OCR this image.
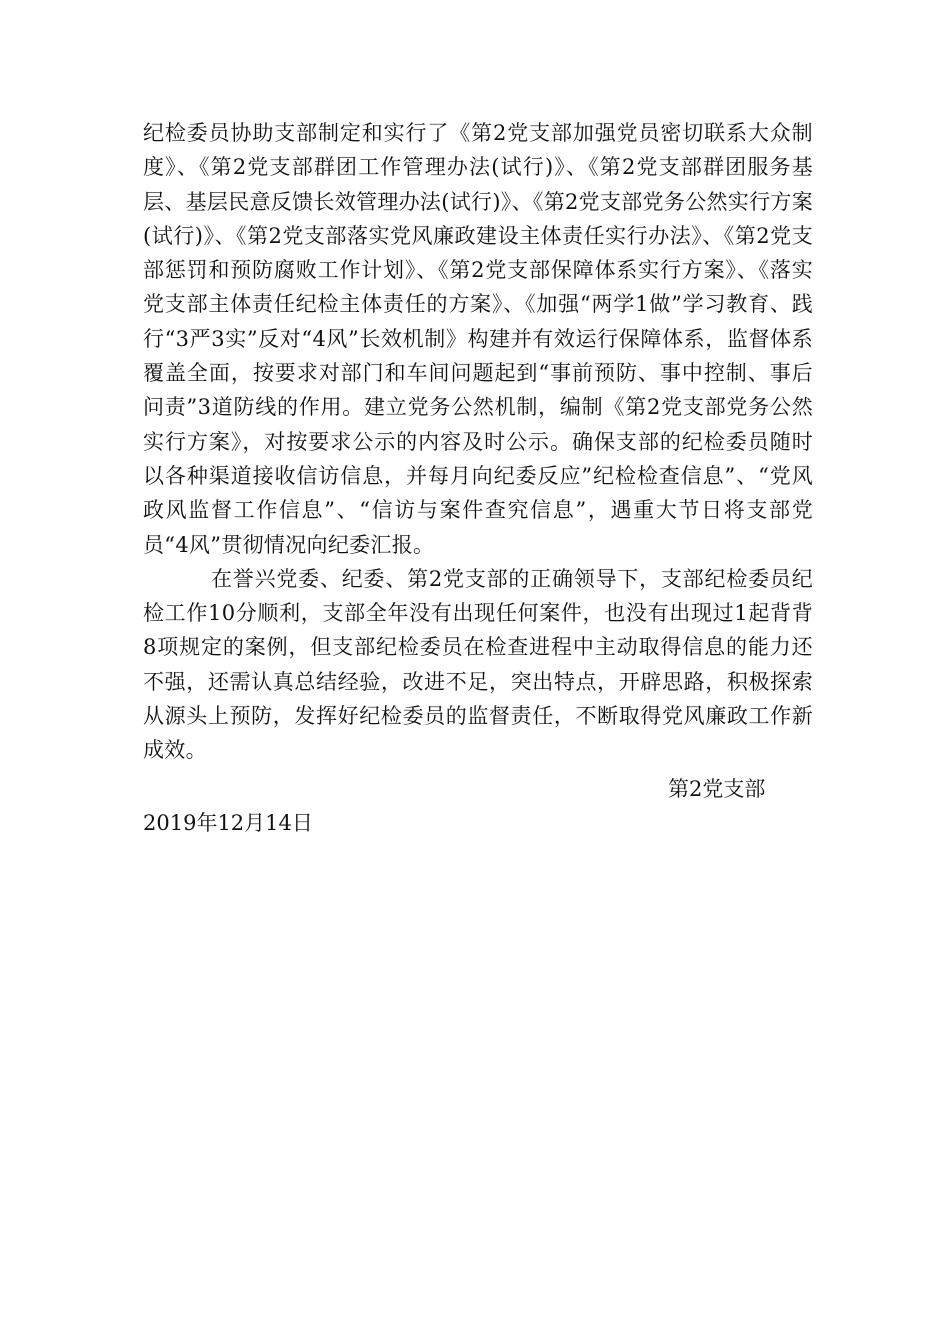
纪检委员协助支部制定和实行了《第2党支部加强党员密切联系大众制度》、《第2党支部群团工作管理办法(试行)》、《第2党支部群团服务基层、基层民意反馈长效管理办法(试行)》、《第2党支部党务公然实行方案(试行)》、《第2党支部落实党风廉政建设主体责任实行办法》、《第2党支部惩罚和预防腐败工作计划》、《第2党支部保障体系实行方案》、《落实党支部主体责任纪检主体责任的方案》、《加强“两学1做”学习教育、践行“3严3实”反对“4风”长效机制》构建并有效运行保障体系，监督体系覆盖全面，按要求对部门和车间问题起到“事前预防、事中控制、事后问责”3道防线的作用。建立党务公然机制，编制《第2党支部党务公然实行方案》，对按要求公示的内容及时公示。确保支部的纪检委员随时以各种渠道接收信访信息，并每月向纪委反应”纪检检查信息”、“党风政风监督工作信息”、“信访与案件查究信息”，遇重大节日将支部党员“4风”贯彻情况向纪委汇报。

在誉兴党委、纪委、第2党支部的正确领导下，支部纪检委员纪检工作10分顺利，支部全年没有出现任何案件，也没有出现过1起背背8项规定的案例，但支部纪检委员在检查进程中主动取得信息的能力还不强，还需认真总结经验，改进不足，突出特点，开辟思路，积极探索从源头上预防，发挥好纪检委员的监督责任，不断取得党风廉政工作新成效。

第2党支部
2019年12月14日
